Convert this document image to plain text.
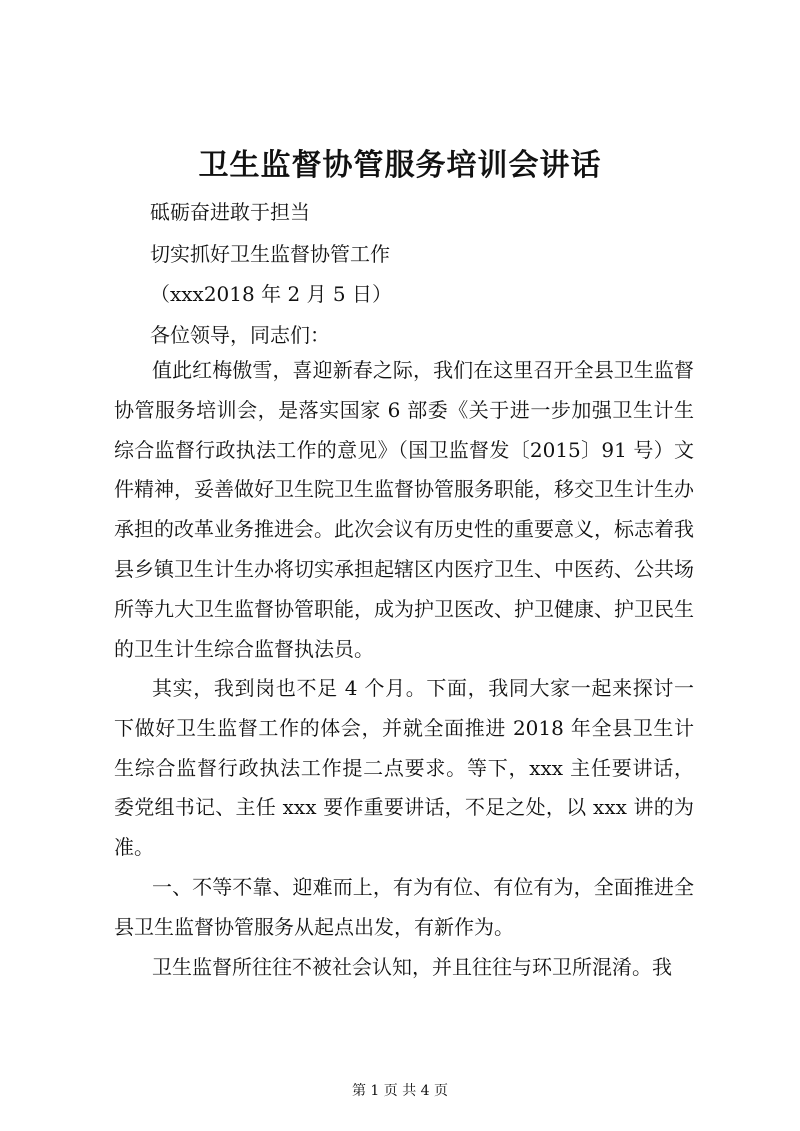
卫生监督协管服务培训会讲话

砥砺奋进敢于担当

切实抓好卫生监督协管工作

（xxx2018 年 2 月 5 日）

各位领导，同志们：

值此红梅傲雪，喜迎新春之际，我们在这里召开全县卫生监督协管服务培训会，是落实国家 6 部委《关于进一步加强卫生计生综合监督行政执法工作的意见》（国卫监督发〔2015〕91 号）文件精神，妥善做好卫生院卫生监督协管服务职能，移交卫生计生办承担的改革业务推进会。此次会议有历史性的重要意义，标志着我县乡镇卫生计生办将切实承担起辖区内医疗卫生、中医药、公共场所等九大卫生监督协管职能，成为护卫医改、护卫健康、护卫民生的卫生计生综合监督执法员。

其实，我到岗也不足 4 个月。下面，我同大家一起来探讨一下做好卫生监督工作的体会，并就全面推进 2018 年全县卫生计生综合监督行政执法工作提二点要求。等下，xxx 主任要讲话，委党组书记、主任 xxx 要作重要讲话，不足之处，以 xxx 讲的为准。

一、不等不靠、迎难而上，有为有位、有位有为，全面推进全县卫生监督协管服务从起点出发，有新作为。

卫生监督所往往不被社会认知，并且往往与环卫所混淆。我

第 1 页 共 4 页
